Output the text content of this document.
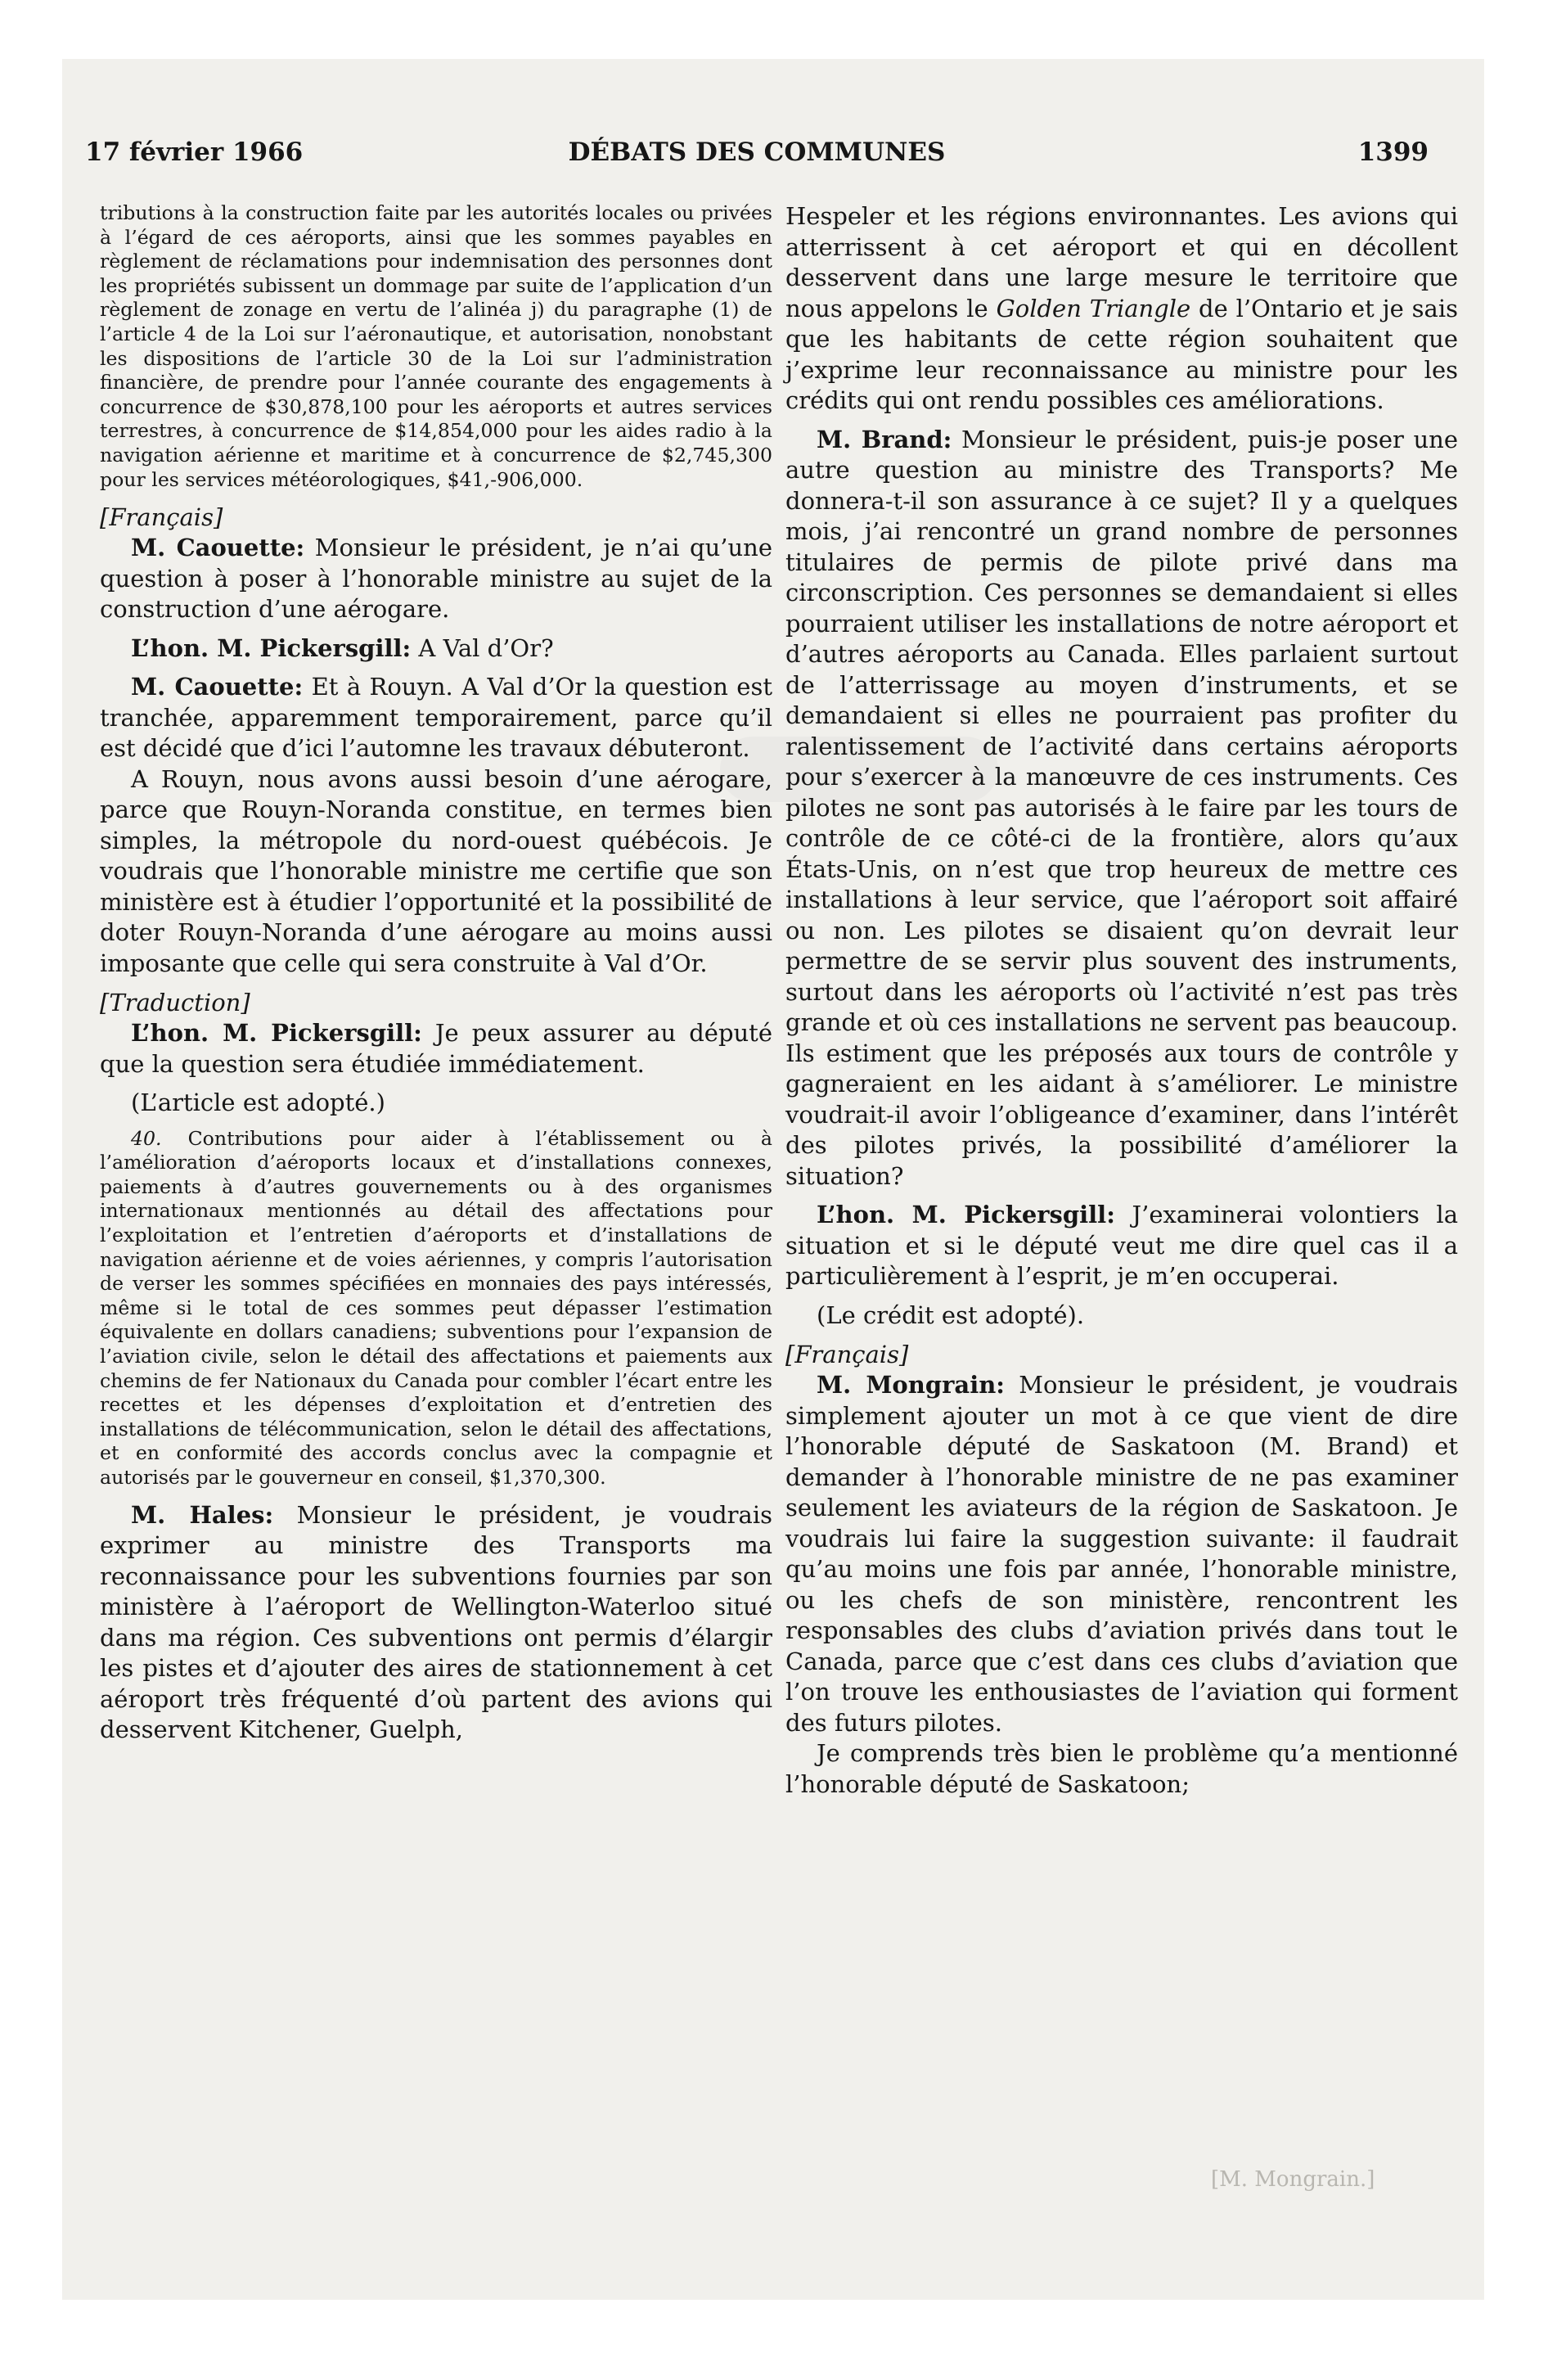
17 février 1966	DÉBATS DES COMMUNES	1399

tributions à la construction faite par les autorités locales ou privées à l’égard de ces aéroports, ainsi que les sommes payables en règlement de réclamations pour indemnisation des personnes dont les propriétés subissent un dommage par suite de l’application d’un règlement de zonage en vertu de l’alinéa j) du paragraphe (1) de l’article 4 de la Loi sur l’aéronautique, et autorisation, nonobstant les dispositions de l’article 30 de la Loi sur l’administration financière, de prendre pour l’année courante des engagements à concurrence de $30,878,100 pour les aéroports et autres services terrestres, à concurrence de $14,854,000 pour les aides radio à la navigation aérienne et maritime et à concurrence de $2,745,300 pour les services météorologiques, $41,-906,000.

[Français]

M. Caouette: Monsieur le président, je n’ai qu’une question à poser à l’honorable ministre au sujet de la construction d’une aérogare.

L’hon. M. Pickersgill: A Val d’Or?

M. Caouette: Et à Rouyn. A Val d’Or la question est tranchée, apparemment temporairement, parce qu’il est décidé que d’ici l’automne les travaux débuteront.

A Rouyn, nous avons aussi besoin d’une aérogare, parce que Rouyn-Noranda constitue, en termes bien simples, la métropole du nord-ouest québécois. Je voudrais que l’honorable ministre me certifie que son ministère est à étudier l’opportunité et la possibilité de doter Rouyn-Noranda d’une aérogare au moins aussi imposante que celle qui sera construite à Val d’Or.

[Traduction]

L’hon. M. Pickersgill: Je peux assurer au député que la question sera étudiée immédiatement.

(L’article est adopté.)

40. Contributions pour aider à l’établissement ou à l’amélioration d’aéroports locaux et d’installations connexes, paiements à d’autres gouvernements ou à des organismes internationaux mentionnés au détail des affectations pour l’exploitation et l’entretien d’aéroports et d’installations de navigation aérienne et de voies aériennes, y compris l’autorisation de verser les sommes spécifiées en monnaies des pays intéressés, même si le total de ces sommes peut dépasser l’estimation équivalente en dollars canadiens; subventions pour l’expansion de l’aviation civile, selon le détail des affectations et paiements aux chemins de fer Nationaux du Canada pour combler l’écart entre les recettes et les dépenses d’exploitation et d’entretien des installations de télécommunication, selon le détail des affectations, et en conformité des accords conclus avec la compagnie et autorisés par le gouverneur en conseil, $1,370,300.

M. Hales: Monsieur le président, je voudrais exprimer au ministre des Transports ma reconnaissance pour les subventions fournies par son ministère à l’aéroport de Wellington-Waterloo situé dans ma région. Ces subventions ont permis d’élargir les pistes et d’ajouter des aires de stationnement à cet aéroport très fréquenté d’où partent des avions qui desservent Kitchener, Guelph,

Hespeler et les régions environnantes. Les avions qui atterrissent à cet aéroport et qui en décollent desservent dans une large mesure le territoire que nous appelons le Golden Triangle de l’Ontario et je sais que les habitants de cette région souhaitent que j’exprime leur reconnaissance au ministre pour les crédits qui ont rendu possibles ces améliorations.

M. Brand: Monsieur le président, puis-je poser une autre question au ministre des Transports? Me donnera-t-il son assurance à ce sujet? Il y a quelques mois, j’ai rencontré un grand nombre de personnes titulaires de permis de pilote privé dans ma circonscription. Ces personnes se demandaient si elles pourraient utiliser les installations de notre aéroport et d’autres aéroports au Canada. Elles parlaient surtout de l’atterrissage au moyen d’instruments, et se demandaient si elles ne pourraient pas profiter du ralentissement de l’activité dans certains aéroports pour s’exercer à la manœuvre de ces instruments. Ces pilotes ne sont pas autorisés à le faire par les tours de contrôle de ce côté-ci de la frontière, alors qu’aux États-Unis, on n’est que trop heureux de mettre ces installations à leur service, que l’aéroport soit affairé ou non. Les pilotes se disaient qu’on devrait leur permettre de se servir plus souvent des instruments, surtout dans les aéroports où l’activité n’est pas très grande et où ces installations ne servent pas beaucoup. Ils estiment que les préposés aux tours de contrôle y gagneraient en les aidant à s’améliorer. Le ministre voudrait-il avoir l’obligeance d’examiner, dans l’intérêt des pilotes privés, la possibilité d’améliorer la situation?

L’hon. M. Pickersgill: J’examinerai volontiers la situation et si le député veut me dire quel cas il a particulièrement à l’esprit, je m’en occuperai.

(Le crédit est adopté).

[Français]

M. Mongrain: Monsieur le président, je voudrais simplement ajouter un mot à ce que vient de dire l’honorable député de Saskatoon (M. Brand) et demander à l’honorable ministre de ne pas examiner seulement les aviateurs de la région de Saskatoon. Je voudrais lui faire la suggestion suivante: il faudrait qu’au moins une fois par année, l’honorable ministre, ou les chefs de son ministère, rencontrent les responsables des clubs d’aviation privés dans tout le Canada, parce que c’est dans ces clubs d’aviation que l’on trouve les enthousiastes de l’aviation qui forment des futurs pilotes.

Je comprends très bien le problème qu’a mentionné l’honorable député de Saskatoon;

[M. Mongrain.]
